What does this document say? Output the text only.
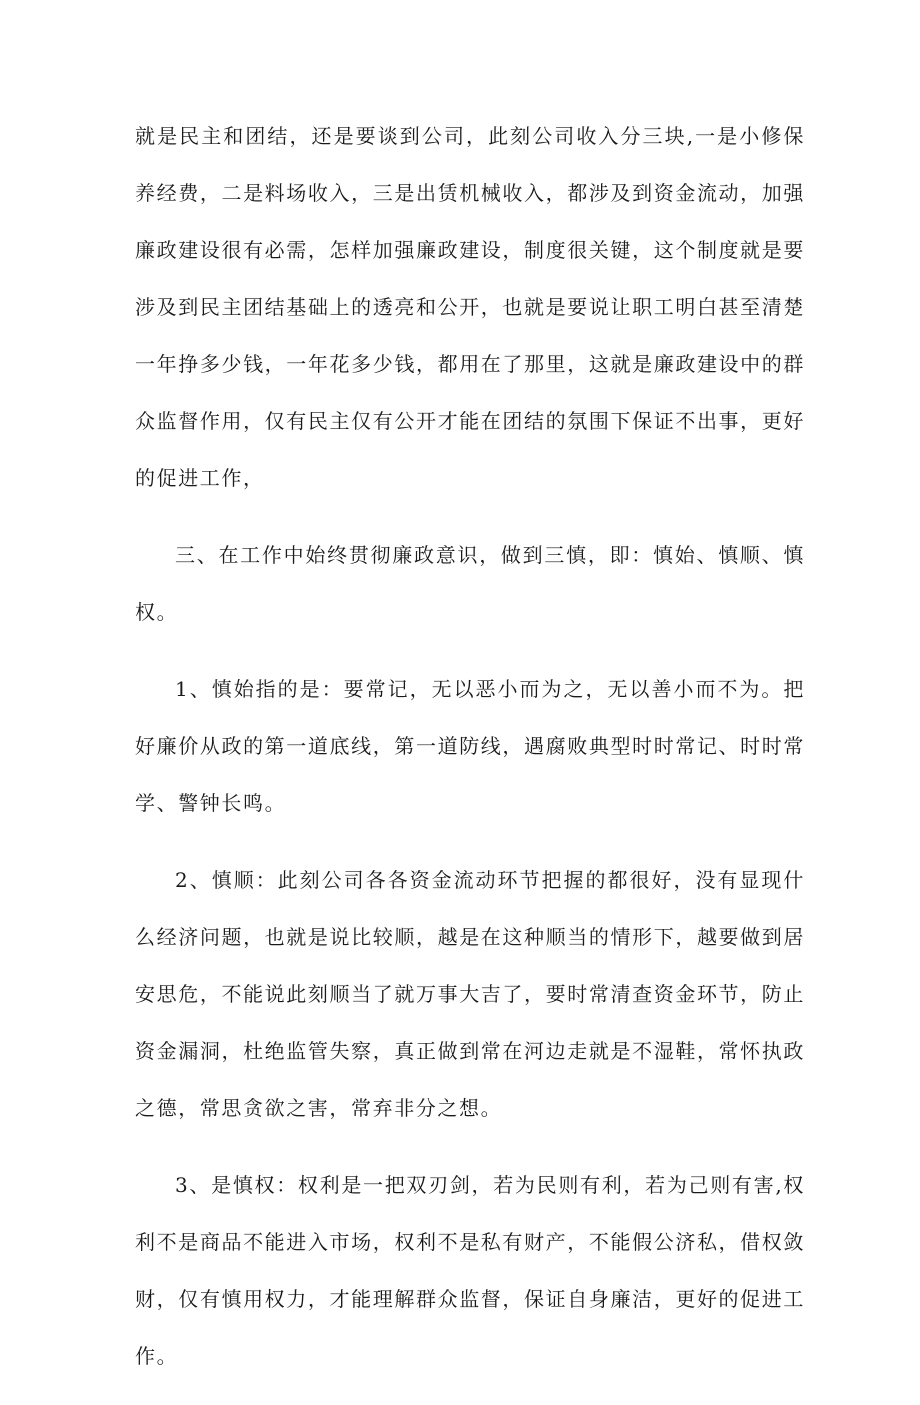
就是民主和团结，还是要谈到公司，此刻公司收入分三块,一是小修保养经费，二是料场收入，三是出赁机械收入，都涉及到资金流动，加强廉政建设很有必需，怎样加强廉政建设，制度很关键，这个制度就是要涉及到民主团结基础上的透亮和公开，也就是要说让职工明白甚至清楚一年挣多少钱，一年花多少钱，都用在了那里，这就是廉政建设中的群众监督作用，仅有民主仅有公开才能在团结的氛围下保证不出事，更好的促进工作，

三、在工作中始终贯彻廉政意识，做到三慎，即：慎始、慎顺、慎权。

1、慎始指的是：要常记，无以恶小而为之，无以善小而不为。把好廉价从政的第一道底线，第一道防线，遇腐败典型时时常记、时时常学、警钟长鸣。

2、慎顺：此刻公司各各资金流动环节把握的都很好，没有显现什么经济问题，也就是说比较顺，越是在这种顺当的情形下，越要做到居安思危，不能说此刻顺当了就万事大吉了，要时常清查资金环节，防止资金漏洞，杜绝监管失察，真正做到常在河边走就是不湿鞋，常怀执政之德，常思贪欲之害，常弃非分之想。

3、是慎权：权利是一把双刃剑，若为民则有利，若为己则有害,权利不是商品不能进入市场，权利不是私有财产，不能假公济私，借权敛财，仅有慎用权力，才能理解群众监督，保证自身廉洁，更好的促进工作。
